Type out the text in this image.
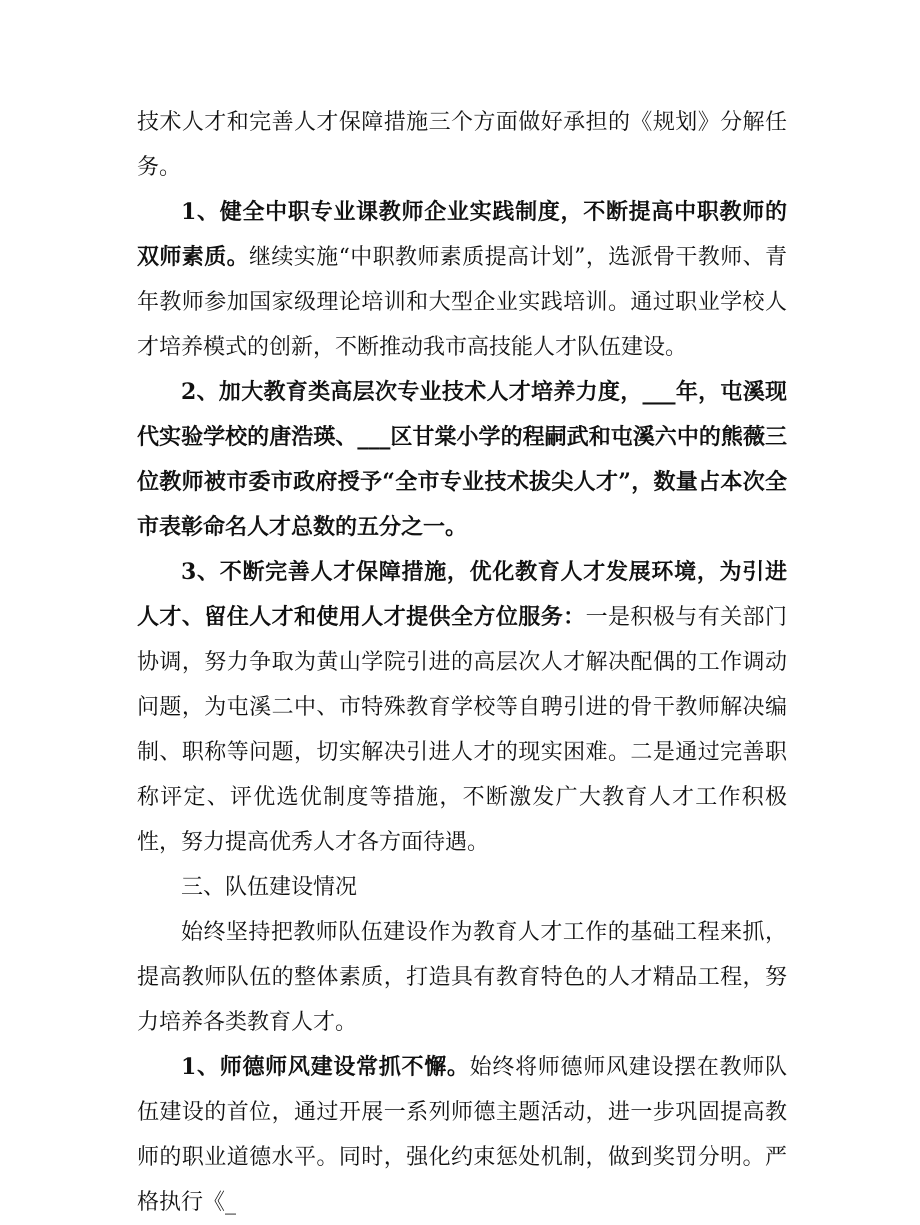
技术人才和完善人才保障措施三个方面做好承担的《规划》分解任务。

1、健全中职专业课教师企业实践制度，不断提高中职教师的双师素质。继续实施“中职教师素质提高计划”，选派骨干教师、青年教师参加国家级理论培训和大型企业实践培训。通过职业学校人才培养模式的创新，不断推动我市高技能人才队伍建设。

2、加大教育类高层次专业技术人才培养力度，___年，屯溪现代实验学校的唐浩瑛、___区甘棠小学的程嗣武和屯溪六中的熊薇三位教师被市委市政府授予“全市专业技术拔尖人才”，数量占本次全市表彰命名人才总数的五分之一。

3、不断完善人才保障措施，优化教育人才发展环境，为引进人才、留住人才和使用人才提供全方位服务：一是积极与有关部门协调，努力争取为黄山学院引进的高层次人才解决配偶的工作调动问题，为屯溪二中、市特殊教育学校等自聘引进的骨干教师解决编制、职称等问题，切实解决引进人才的现实困难。二是通过完善职称评定、评优选优制度等措施，不断激发广大教育人才工作积极性，努力提高优秀人才各方面待遇。

三、队伍建设情况

始终坚持把教师队伍建设作为教育人才工作的基础工程来抓，提高教师队伍的整体素质，打造具有教育特色的人才精品工程，努力培养各类教育人才。

1、师德师风建设常抓不懈。始终将师德师风建设摆在教师队伍建设的首位，通过开展一系列师德主题活动，进一步巩固提高教师的职业道德水平。同时，强化约束惩处机制，做到奖罚分明。严格执行《_
